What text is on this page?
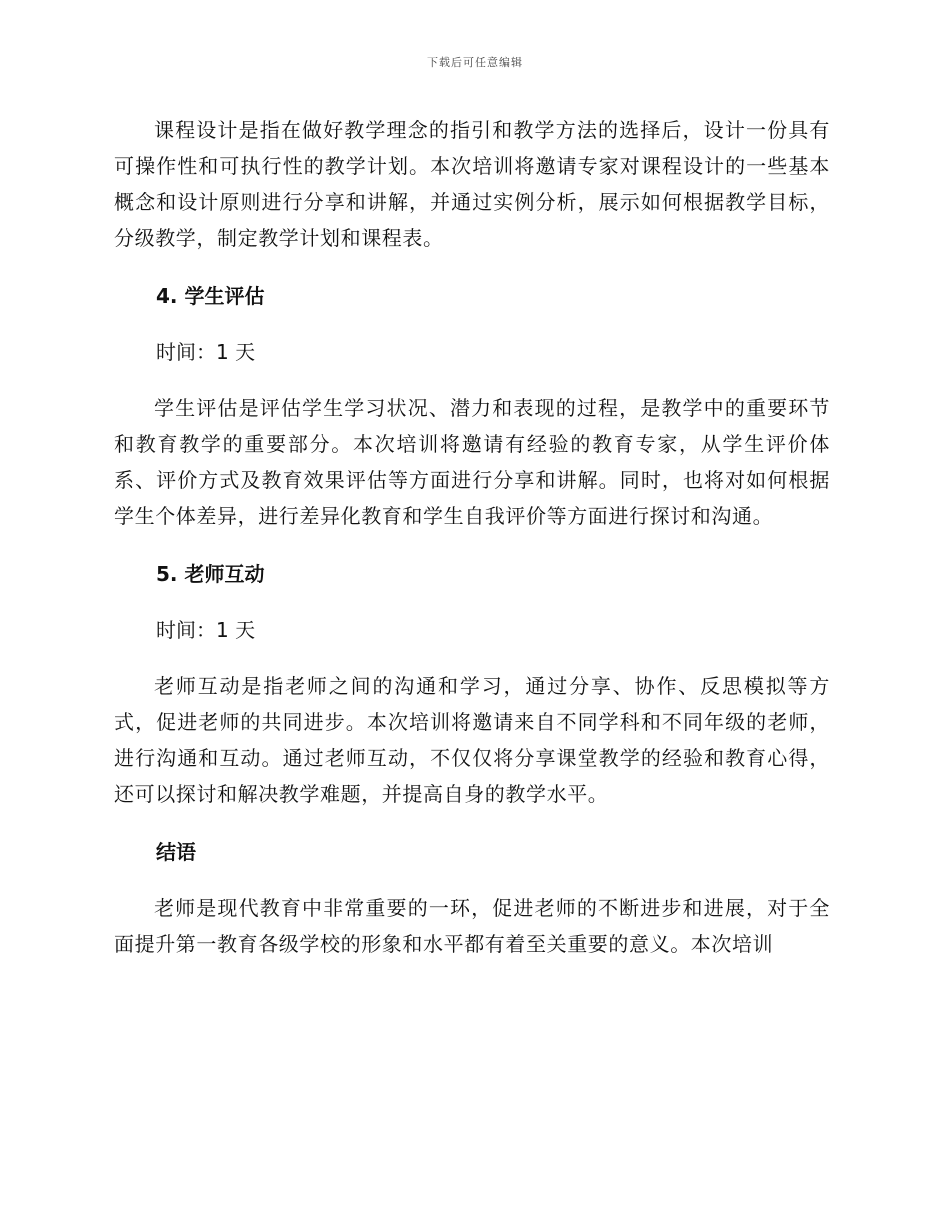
下载后可任意编辑

课程设计是指在做好教学理念的指引和教学方法的选择后，设计一份具有可操作性和可执行性的教学计划。本次培训将邀请专家对课程设计的一些基本概念和设计原则进行分享和讲解，并通过实例分析，展示如何根据教学目标，分级教学，制定教学计划和课程表。

4. 学生评估

时间：1 天

学生评估是评估学生学习状况、潜力和表现的过程，是教学中的重要环节和教育教学的重要部分。本次培训将邀请有经验的教育专家，从学生评价体系、评价方式及教育效果评估等方面进行分享和讲解。同时，也将对如何根据学生个体差异，进行差异化教育和学生自我评价等方面进行探讨和沟通。

5. 老师互动

时间：1 天

老师互动是指老师之间的沟通和学习，通过分享、协作、反思模拟等方式，促进老师的共同进步。本次培训将邀请来自不同学科和不同年级的老师，进行沟通和互动。通过老师互动，不仅仅将分享课堂教学的经验和教育心得，还可以探讨和解决教学难题，并提高自身的教学水平。

结语

老师是现代教育中非常重要的一环，促进老师的不断进步和进展，对于全面提升第一教育各级学校的形象和水平都有着至关重要的意义。本次培训
